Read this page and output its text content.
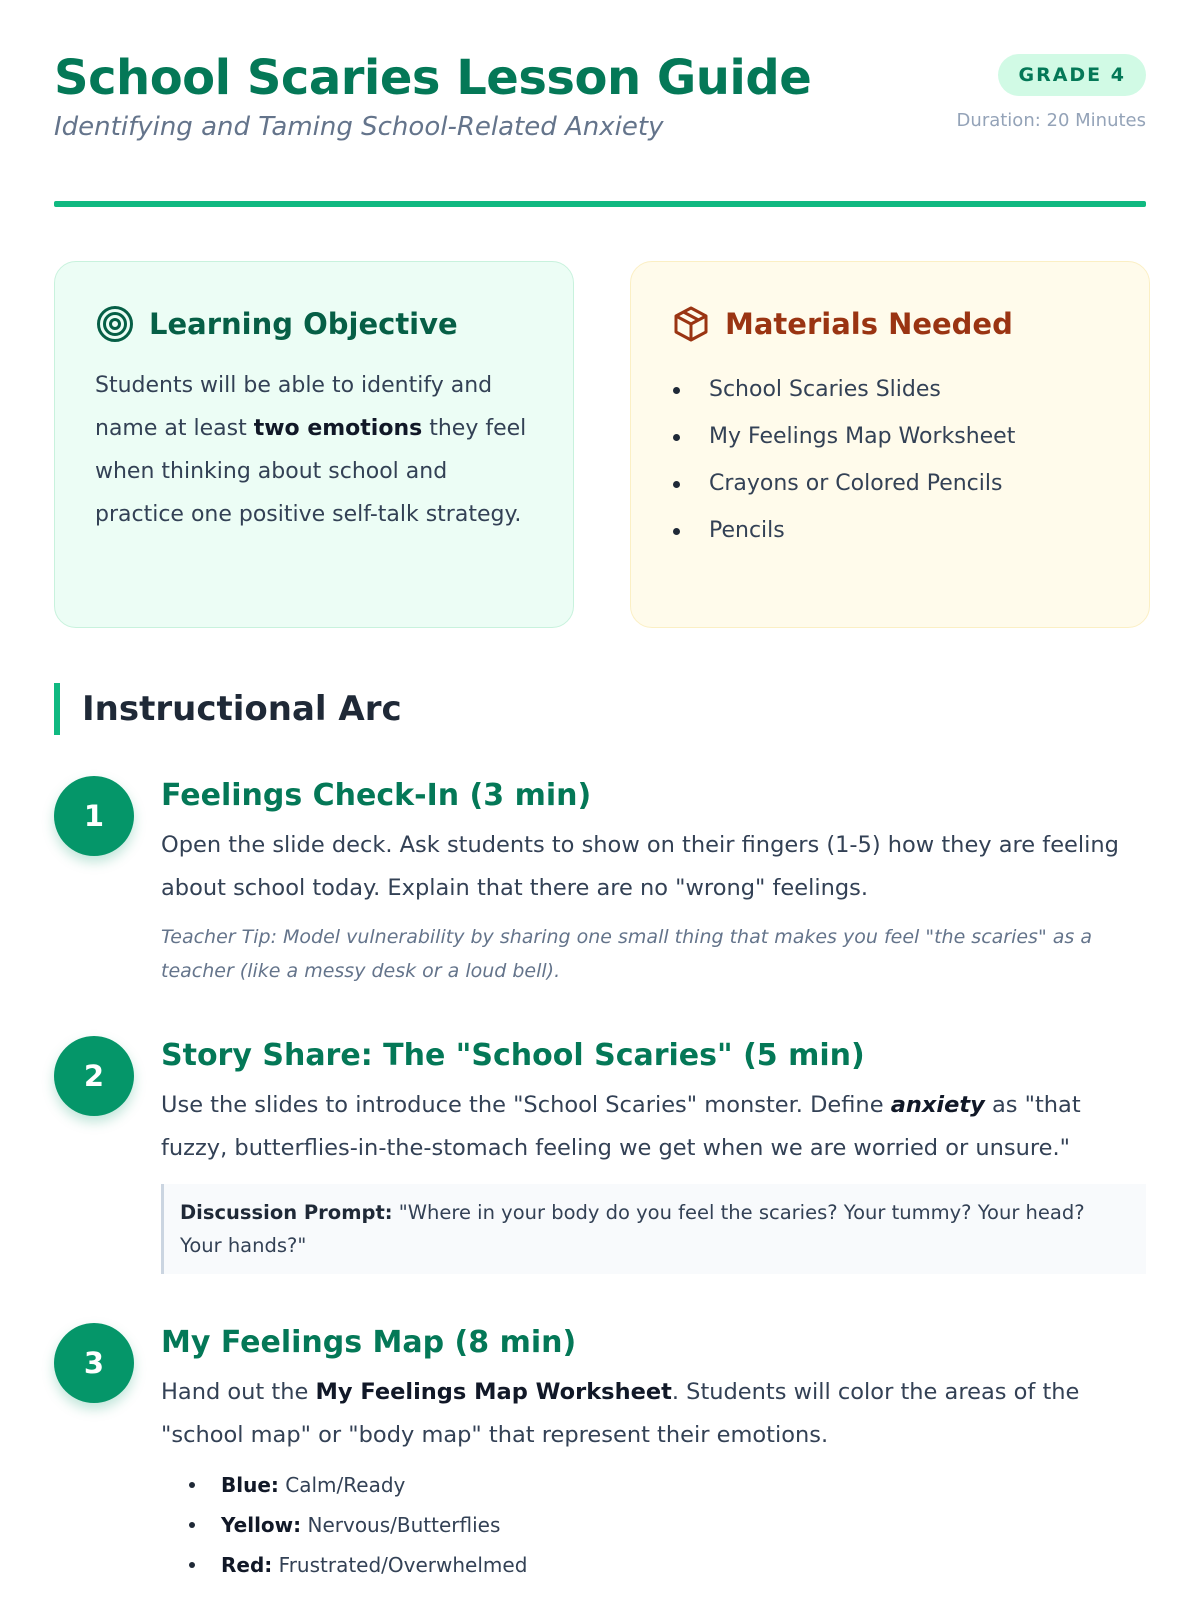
School Scaries Lesson Guide
Identifying and Taming School-Related Anxiety
GRADE 4
Duration: 20 Minutes
Learning Objective

Students will be able to identify and name at least two emotions they feel when thinking about school and practice one positive self-talk strategy.

Materials Needed
School Scaries Slides
My Feelings Map Worksheet
Crayons or Colored Pencils
Pencils
Instructional Arc
1
Feelings Check-In (3 min)

Open the slide deck. Ask students to show on their fingers (1-5) how they are feeling about school today. Explain that there are no "wrong" feelings.

Teacher Tip: Model vulnerability by sharing one small thing that makes you feel "the scaries" as a teacher (like a messy desk or a loud bell).

2
Story Share: The "School Scaries" (5 min)

Use the slides to introduce the "School Scaries" monster. Define anxiety as "that fuzzy, butterflies-in-the-stomach feeling we get when we are worried or unsure."

Discussion Prompt: "Where in your body do you feel the scaries? Your tummy? Your head? Your hands?"
3
My Feelings Map (8 min)

Hand out the My Feelings Map Worksheet. Students will color the areas of the "school map" or "body map" that represent their emotions.

Blue: Calm/Ready
Yellow: Nervous/Butterflies
Red: Frustrated/Overwhelmed
